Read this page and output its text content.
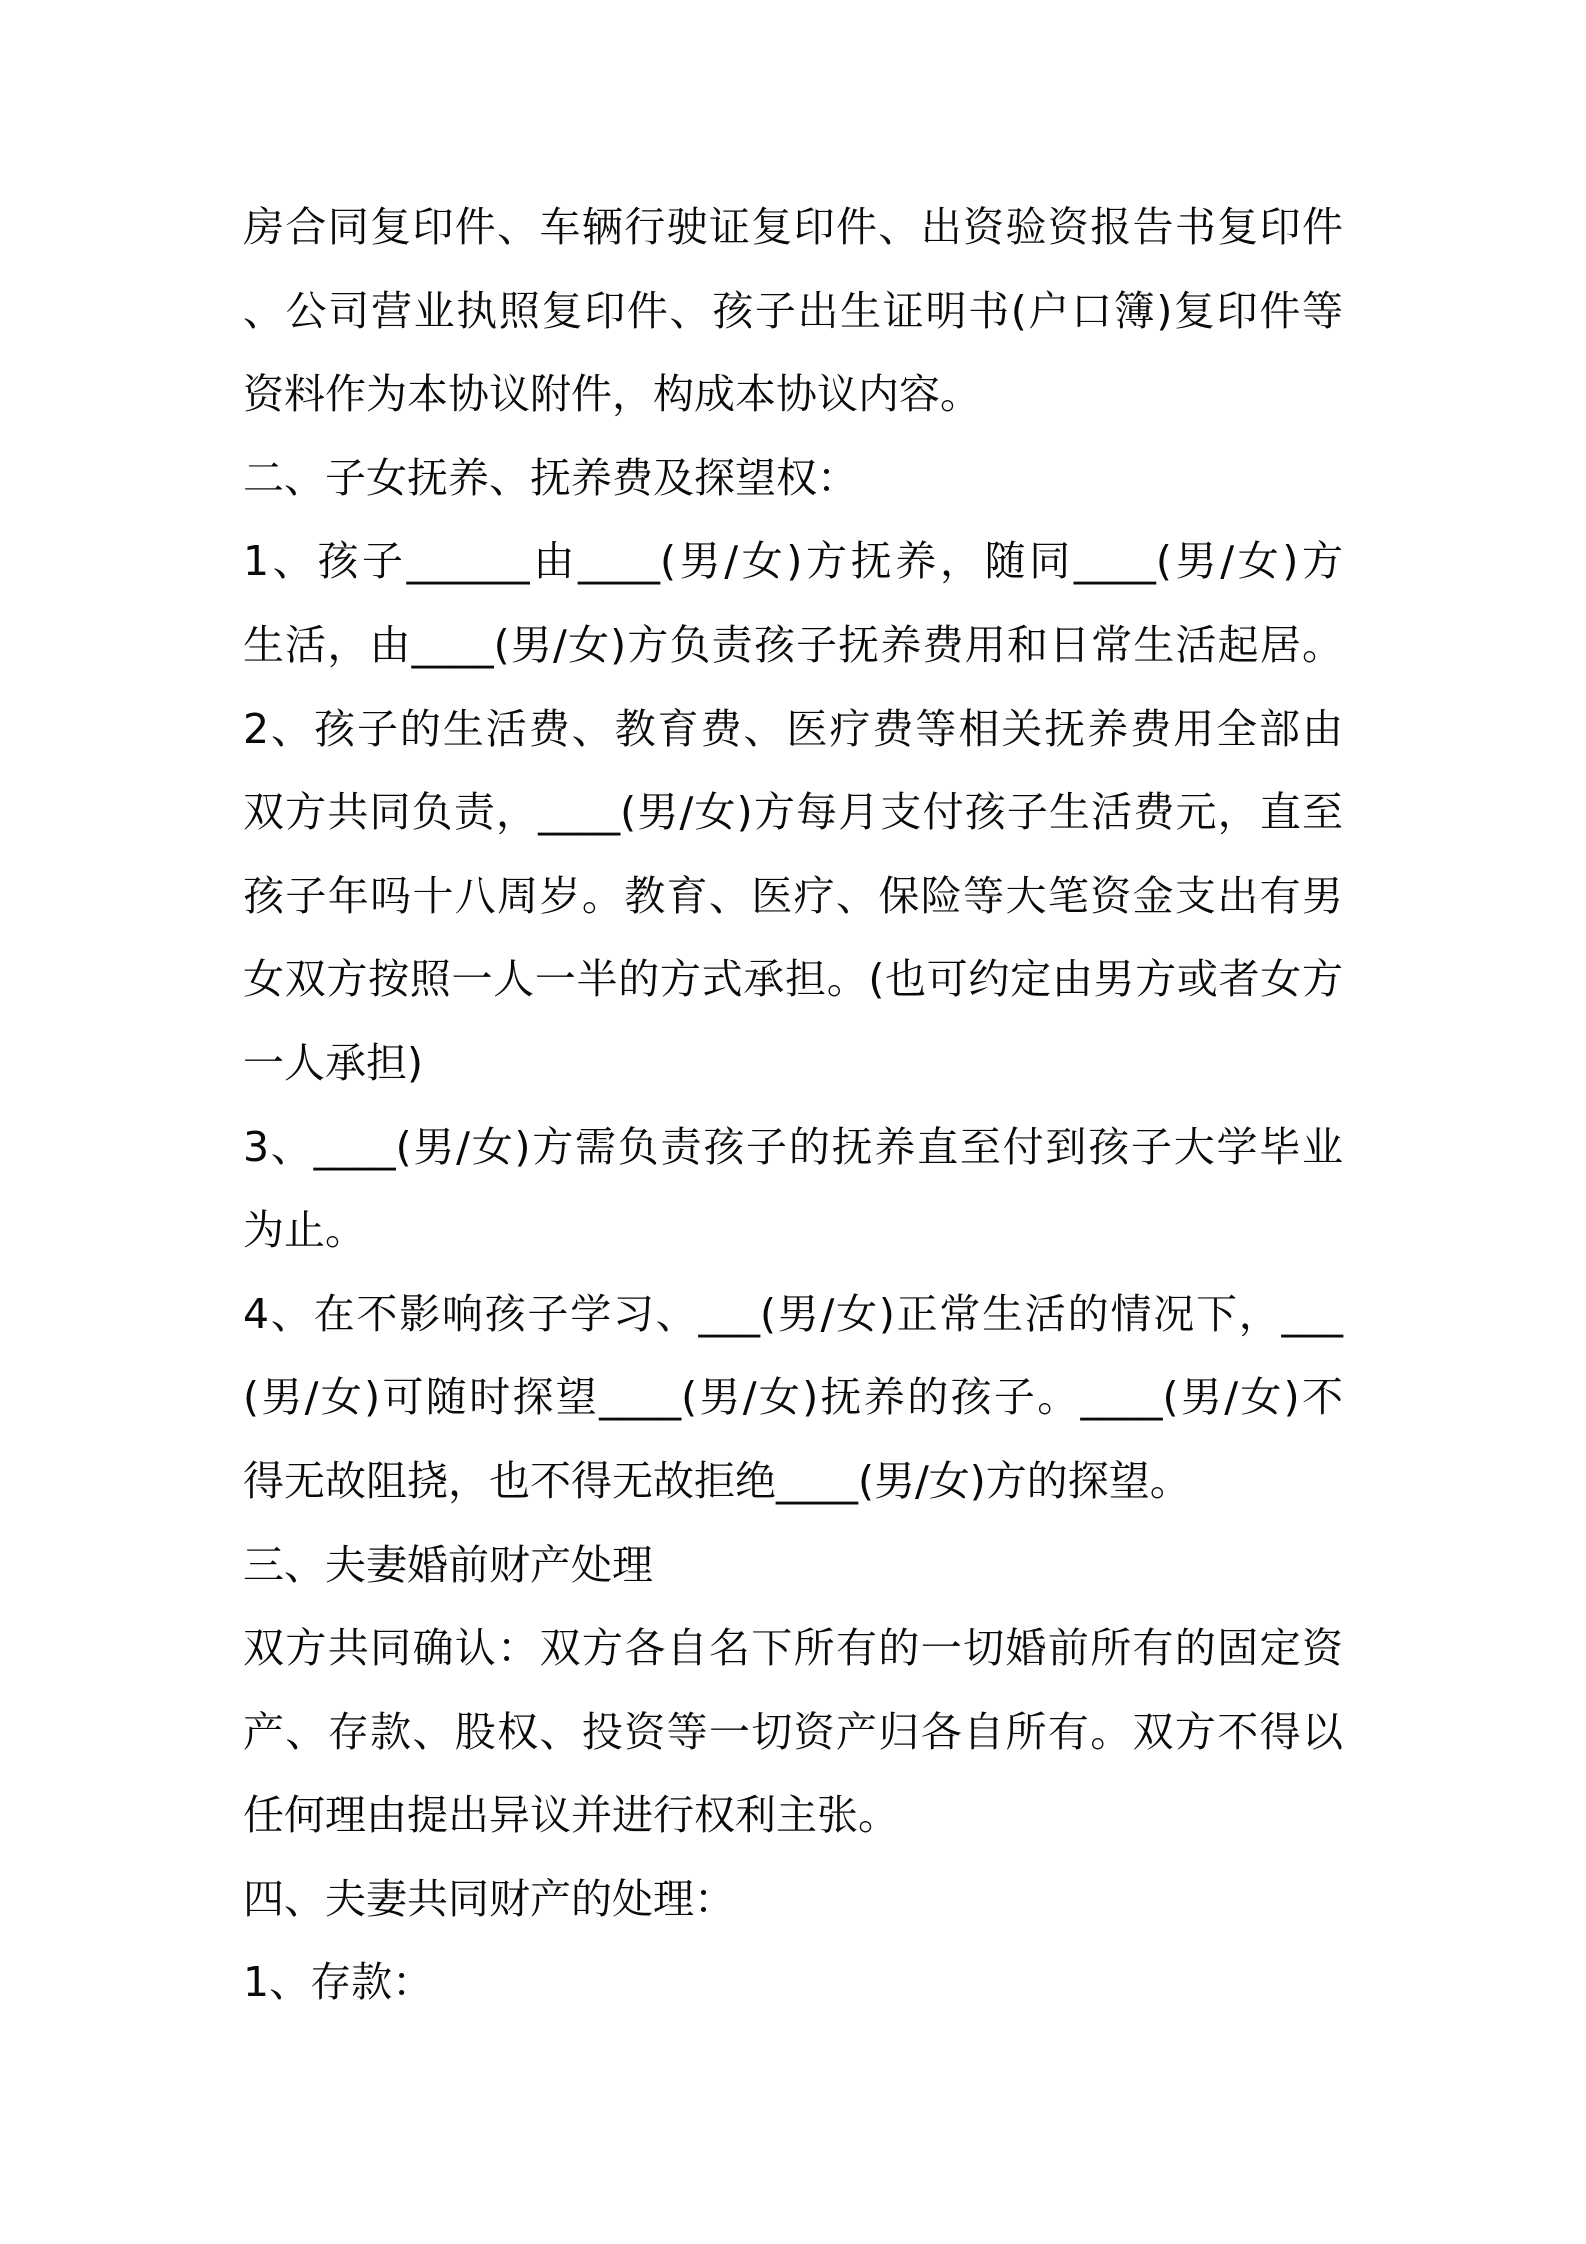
房合同复印件、车辆行驶证复印件、出资验资报告书复印件
、公司营业执照复印件、孩子出生证明书(户口簿)复印件等
资料作为本协议附件，构成本协议内容。
二、子女抚养、抚养费及探望权：
1、孩子______由____(男/女)方抚养，随同____(男/女)方
生活，由____(男/女)方负责孩子抚养费用和日常生活起居。
2、孩子的生活费、教育费、医疗费等相关抚养费用全部由
双方共同负责，____(男/女)方每月支付孩子生活费元，直至
孩子年吗十八周岁。教育、医疗、保险等大笔资金支出有男
女双方按照一人一半的方式承担。(也可约定由男方或者女方
一人承担)
3、____(男/女)方需负责孩子的抚养直至付到孩子大学毕业
为止。
4、在不影响孩子学习、___(男/女)正常生活的情况下，___
(男/女)可随时探望____(男/女)抚养的孩子。____(男/女)不
得无故阻挠，也不得无故拒绝____(男/女)方的探望。
三、夫妻婚前财产处理
双方共同确认：双方各自名下所有的一切婚前所有的固定资
产、存款、股权、投资等一切资产归各自所有。双方不得以
任何理由提出异议并进行权利主张。
四、夫妻共同财产的处理：
1、存款：
